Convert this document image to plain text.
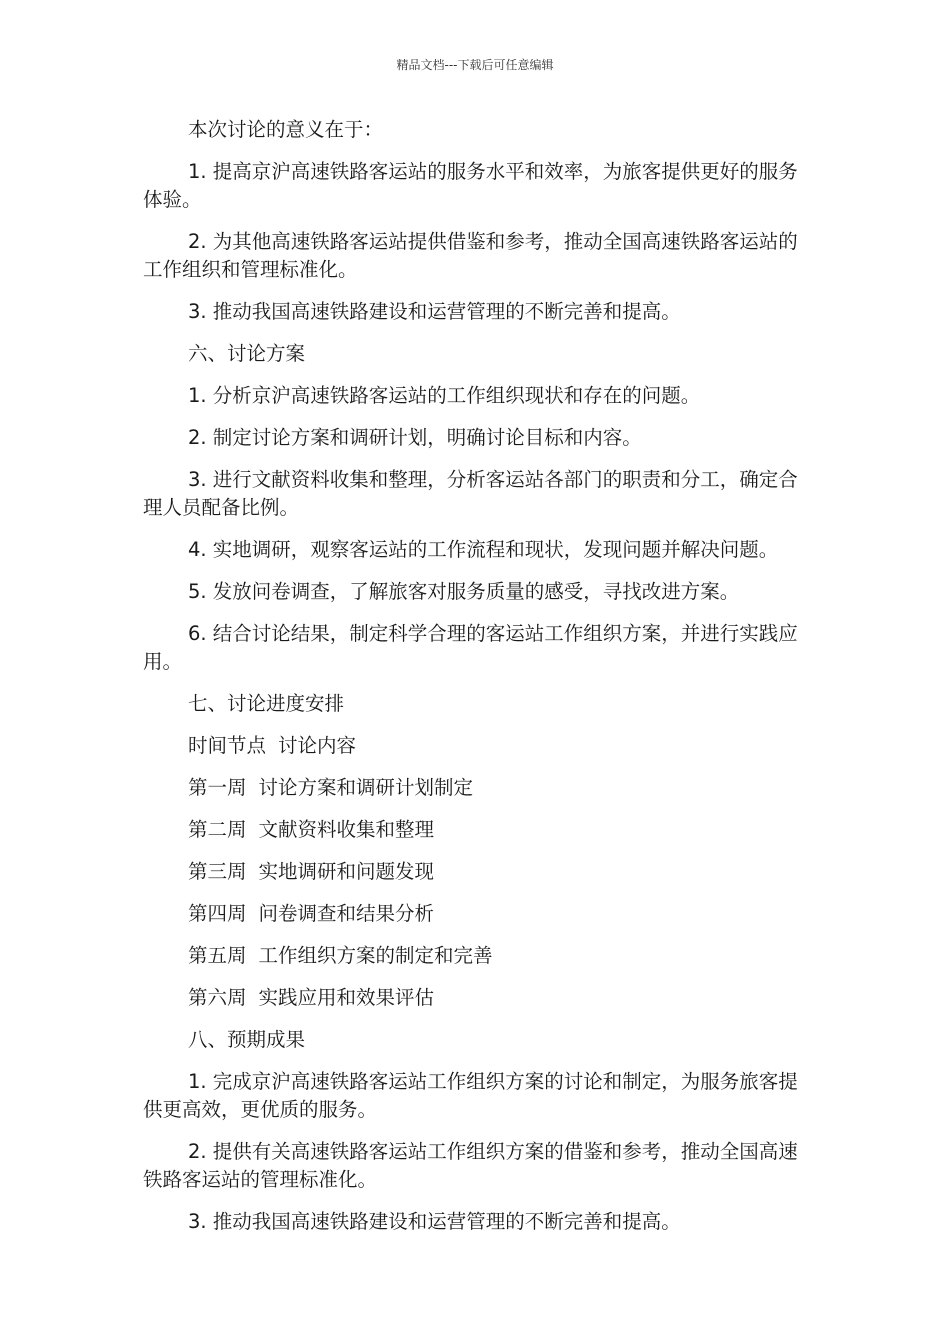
精品文档---下载后可任意编辑

本次讨论的意义在于：

1. 提高京沪高速铁路客运站的服务水平和效率，为旅客提供更好的服务体验。

2. 为其他高速铁路客运站提供借鉴和参考，推动全国高速铁路客运站的工作组织和管理标准化。

3. 推动我国高速铁路建设和运营管理的不断完善和提高。

六、讨论方案

1. 分析京沪高速铁路客运站的工作组织现状和存在的问题。

2. 制定讨论方案和调研计划，明确讨论目标和内容。

3. 进行文献资料收集和整理，分析客运站各部门的职责和分工，确定合理人员配备比例。

4. 实地调研，观察客运站的工作流程和现状，发现问题并解决问题。

5. 发放问卷调查，了解旅客对服务质量的感受，寻找改进方案。

6. 结合讨论结果，制定科学合理的客运站工作组织方案，并进行实践应用。

七、讨论进度安排

时间节点 讨论内容
第一周 讨论方案和调研计划制定
第二周 文献资料收集和整理
第三周 实地调研和问题发现
第四周 问卷调查和结果分析
第五周 工作组织方案的制定和完善
第六周 实践应用和效果评估

八、预期成果

1. 完成京沪高速铁路客运站工作组织方案的讨论和制定，为服务旅客提供更高效，更优质的服务。

2. 提供有关高速铁路客运站工作组织方案的借鉴和参考，推动全国高速铁路客运站的管理标准化。

3. 推动我国高速铁路建设和运营管理的不断完善和提高。
